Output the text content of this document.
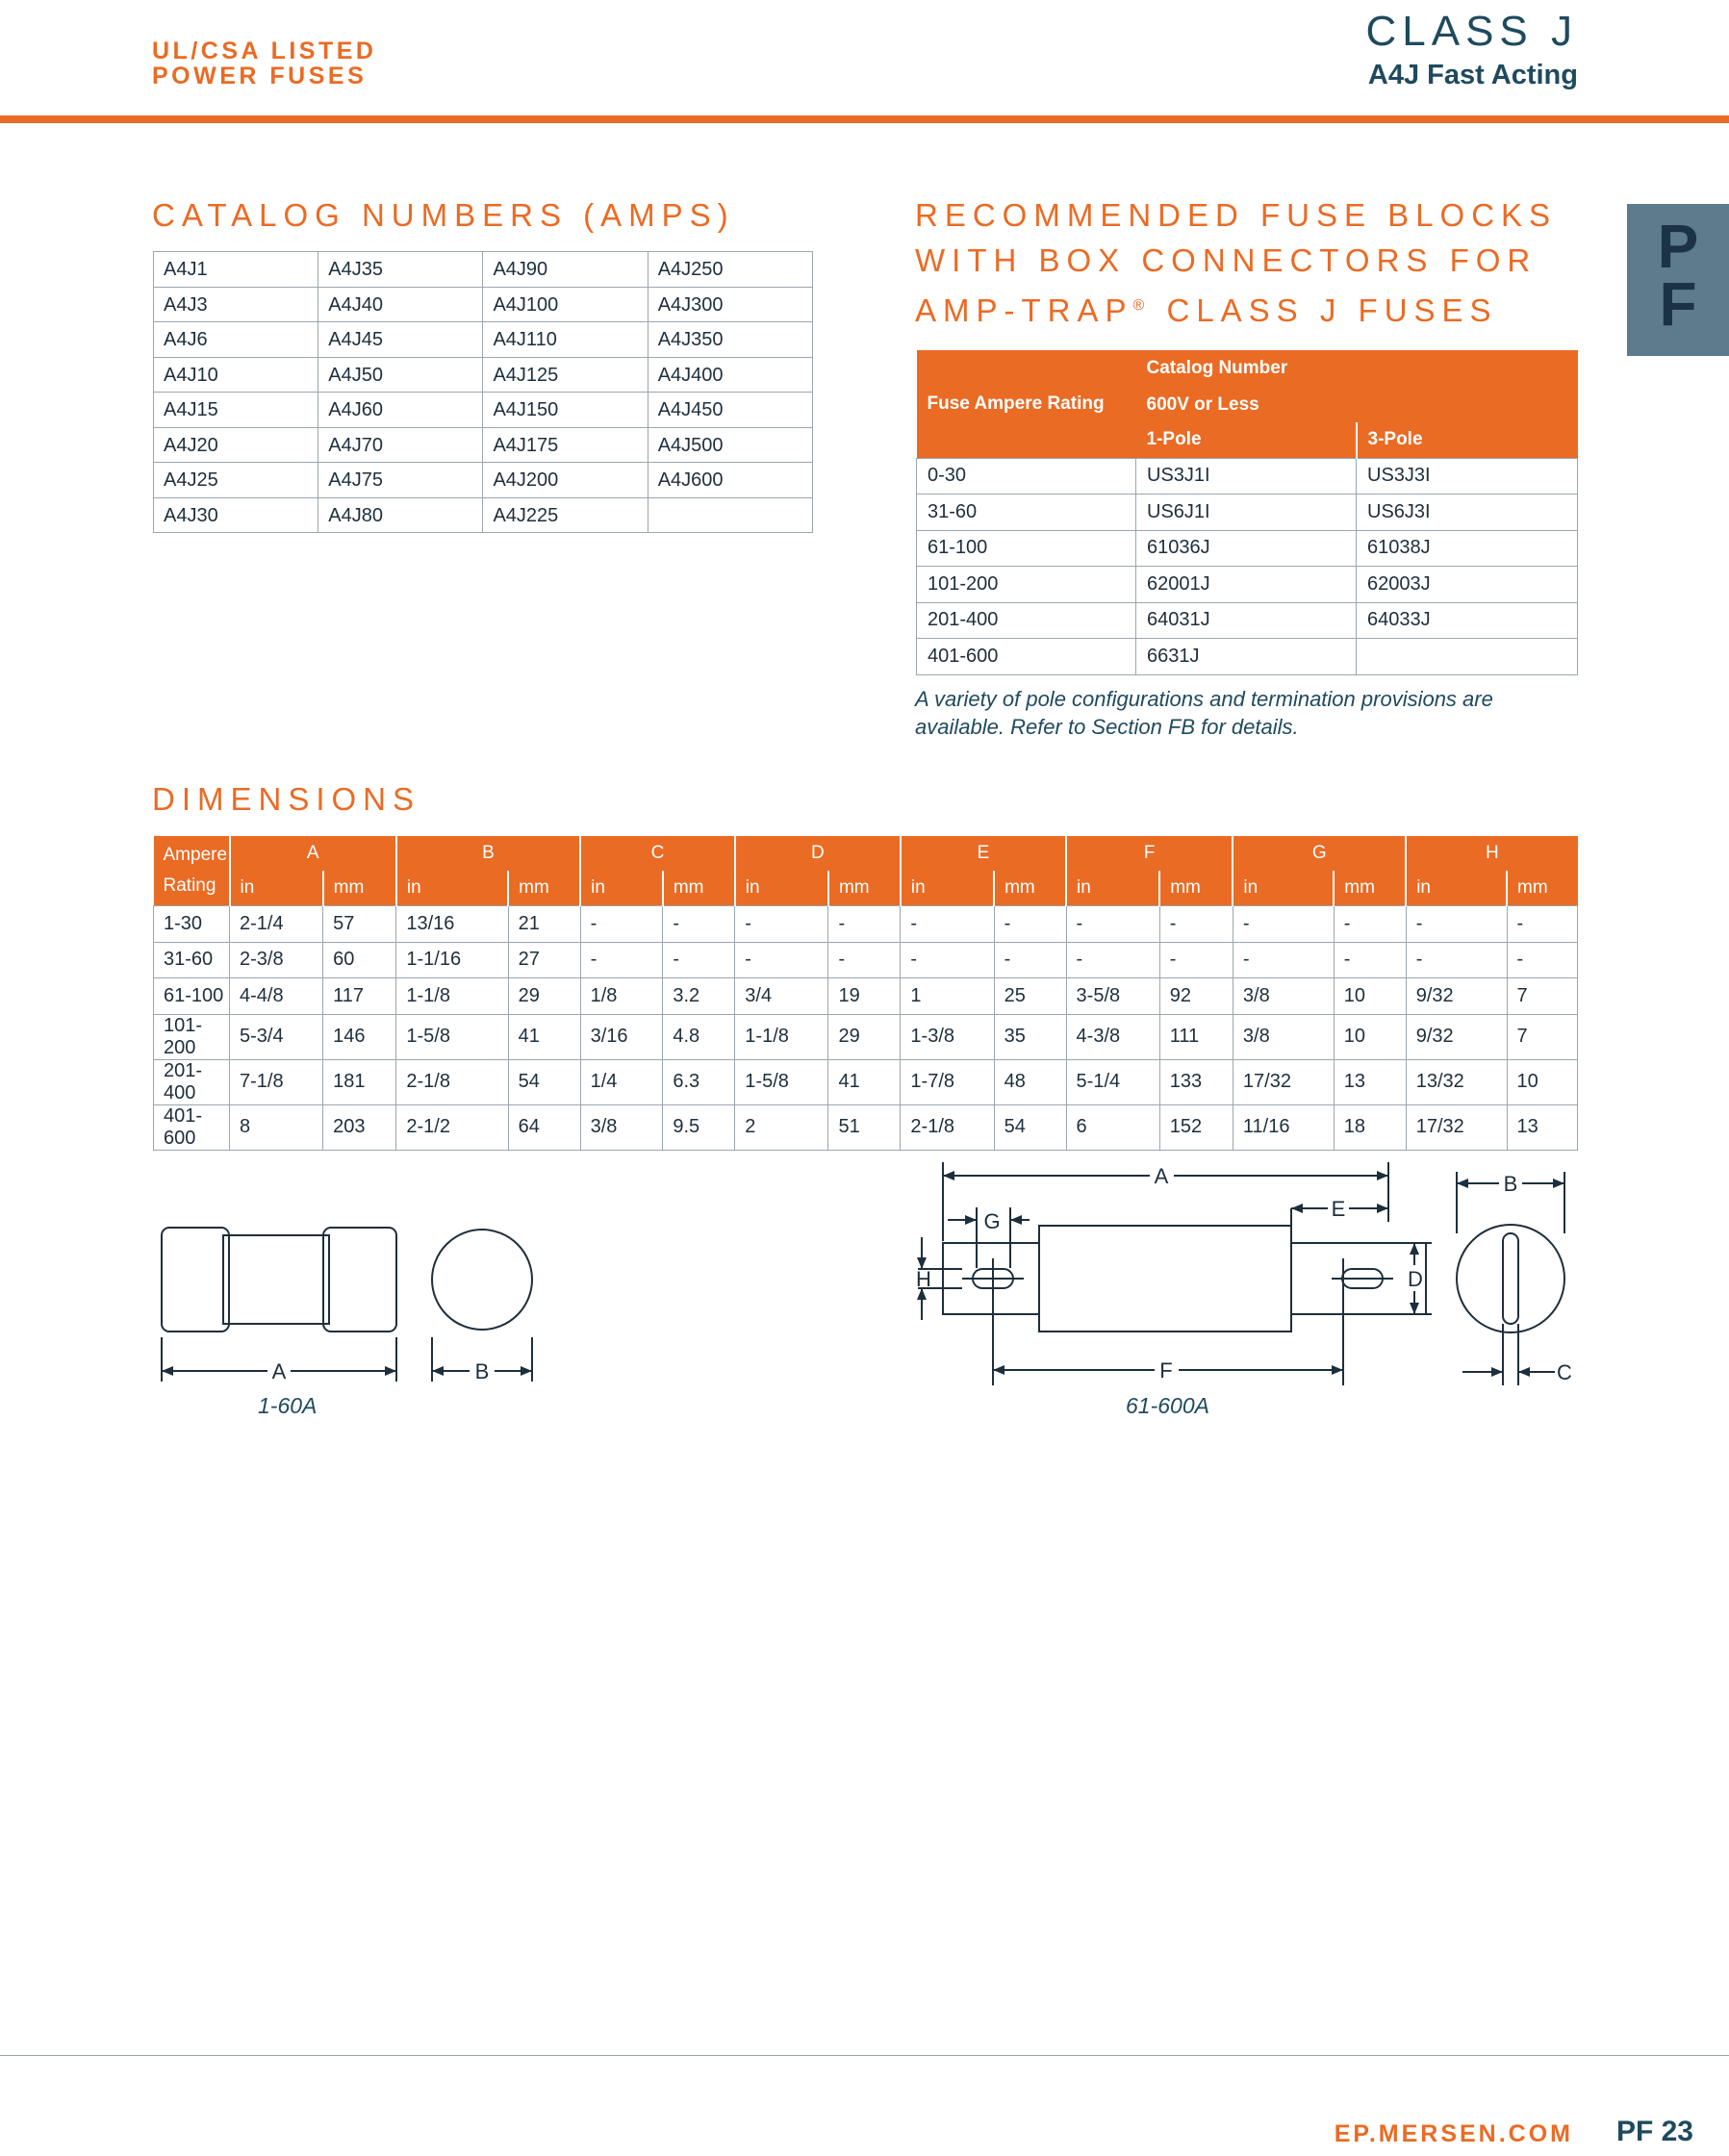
UL/CSA LISTED
POWER FUSES
CLASS J
A4J Fast Acting
P
F
CATALOG NUMBERS (AMPS)
A4J1	A4J35	A4J90	A4J250
A4J3	A4J40	A4J100	A4J300
A4J6	A4J45	A4J110	A4J350
A4J10	A4J50	A4J125	A4J400
A4J15	A4J60	A4J150	A4J450
A4J20	A4J70	A4J175	A4J500
A4J25	A4J75	A4J200	A4J600
A4J30	A4J80	A4J225	
RECOMMENDED FUSE BLOCKS
WITH BOX CONNECTORS FOR
AMP-TRAP® CLASS J FUSES
Fuse Ampere Rating	Catalog Number	
	600V or Less	
	1-Pole	3-Pole
0-30	US3J1I	US3J3I
31-60	US6J1I	US6J3I
61-100	61036J	61038J
101-200	62001J	62003J
201-400	64031J	64033J
401-600	6631J	
A variety of pole configurations and termination provisions are available. Refer to Section FB for details.
DIMENSIONS
Ampere
Rating	A		B		C		D		E		F		G		H	
	in	mm	in	mm	in	mm	in	mm	in	mm	in	mm	in	mm	in	mm
1-30	2-1/4	57	13/16	21	-	-	-	-	-	-	-	-	-	-	-	-
31-60	2-3/8	60	1-1/16	27	-	-	-	-	-	-	-	-	-	-	-	-
61-100	4-4/8	117	1-1/8	29	1/8	3.2	3/4	19	1	25	3-5/8	92	3/8	10	9/32	7
101-200	5-3/4	146	1-5/8	41	3/16	4.8	1-1/8	29	1-3/8	35	4-3/8	111	3/8	10	9/32	7
201-400	7-1/8	181	2-1/8	54	1/4	6.3	1-5/8	41	1-7/8	48	5-1/4	133	17/32	13	13/32	10
401-600	8	203	2-1/2	64	3/8	9.5	2	51	2-1/8	54	6	152	11/16	18	17/32	13
A	B
1-60A
A
G
E
D
H
F
B
C
61-600A
EP.MERSEN.COM PF 23
